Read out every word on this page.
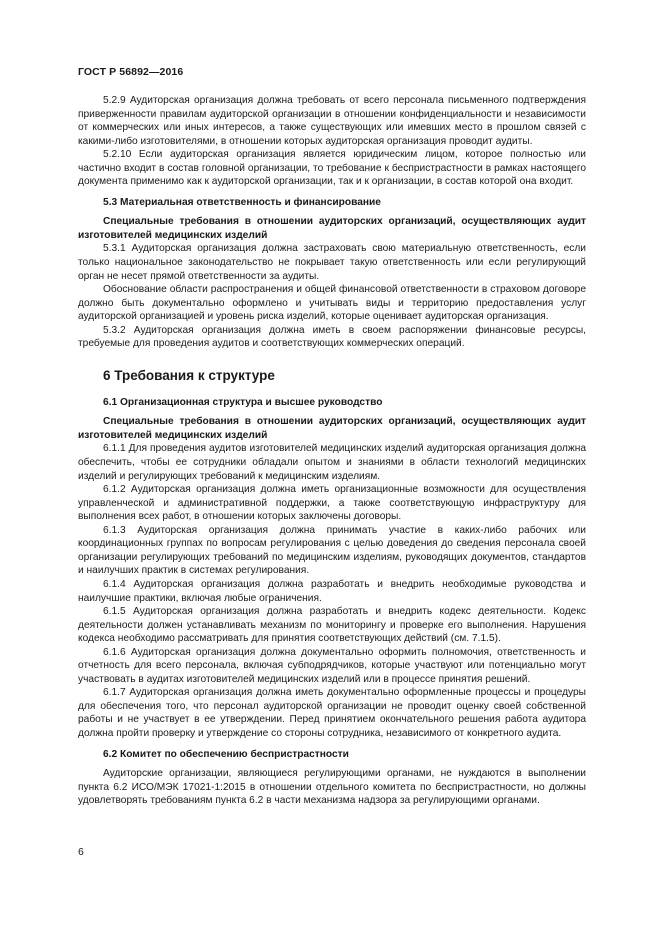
ГОСТ Р 56892—2016

5.2.9 Аудиторская организация должна требовать от всего персонала письменного подтверждения приверженности правилам аудиторской организации в отношении конфиденциальности и независимости от коммерческих или иных интересов, а также существующих или имевших место в прошлом связей с какими-либо изготовителями, в отношении которых аудиторская организация проводит аудиты.

5.2.10 Если аудиторская организация является юридическим лицом, которое полностью или частично входит в состав головной организации, то требование к беспристрастности в рамках настоящего документа применимо как к аудиторской организации, так и к организации, в состав которой она входит.

5.3 Материальная ответственность и финансирование

Специальные требования в отношении аудиторских организаций, осуществляющих аудит изготовителей медицинских изделий

5.3.1 Аудиторская организация должна застраховать свою материальную ответственность, если только национальное законодательство не покрывает такую ответственность или если регулирующий орган не несет прямой ответственности за аудиты.

Обоснование области распространения и общей финансовой ответственности в страховом договоре должно быть документально оформлено и учитывать виды и территорию предоставления услуг аудиторской организацией и уровень риска изделий, которые оценивает аудиторская организация.

5.3.2 Аудиторская организация должна иметь в своем распоряжении финансовые ресурсы, требуемые для проведения аудитов и соответствующих коммерческих операций.

6 Требования к структуре
6.1 Организационная структура и высшее руководство

Специальные требования в отношении аудиторских организаций, осуществляющих аудит изготовителей медицинских изделий

6.1.1 Для проведения аудитов изготовителей медицинских изделий аудиторская организация должна обеспечить, чтобы ее сотрудники обладали опытом и знаниями в области технологий медицинских изделий и регулирующих требований к медицинским изделиям.

6.1.2 Аудиторская организация должна иметь организационные возможности для осуществления управленческой и административной поддержки, а также соответствующую инфраструктуру для выполнения всех работ, в отношении которых заключены договоры.

6.1.3 Аудиторская организация должна принимать участие в каких-либо рабочих или координационных группах по вопросам регулирования с целью доведения до сведения персонала своей организации регулирующих требований по медицинским изделиям, руководящих документов, стандартов и наилучших практик в системах регулирования.

6.1.4 Аудиторская организация должна разработать и внедрить необходимые руководства и наилучшие практики, включая любые ограничения.

6.1.5 Аудиторская организация должна разработать и внедрить кодекс деятельности. Кодекс деятельности должен устанавливать механизм по мониторингу и проверке его выполнения. Нарушения кодекса необходимо рассматривать для принятия соответствующих действий (см. 7.1.5).

6.1.6 Аудиторская организация должна документально оформить полномочия, ответственность и отчетность для всего персонала, включая субподрядчиков, которые участвуют или потенциально могут участвовать в аудитах изготовителей медицинских изделий или в процессе принятия решений.

6.1.7 Аудиторская организация должна иметь документально оформленные процессы и процедуры для обеспечения того, что персонал аудиторской организации не проводит оценку своей собственной работы и не участвует в ее утверждении. Перед принятием окончательного решения работа аудитора должна пройти проверку и утверждение со стороны сотрудника, независимого от конкретного аудита.

6.2 Комитет по обеспечению беспристрастности

Аудиторские организации, являющиеся регулирующими органами, не нуждаются в выполнении пункта 6.2 ИСО/МЭК 17021-1:2015 в отношении отдельного комитета по беспристрастности, но должны удовлетворять требованиям пункта 6.2 в части механизма надзора за регулирующими органами.

6
